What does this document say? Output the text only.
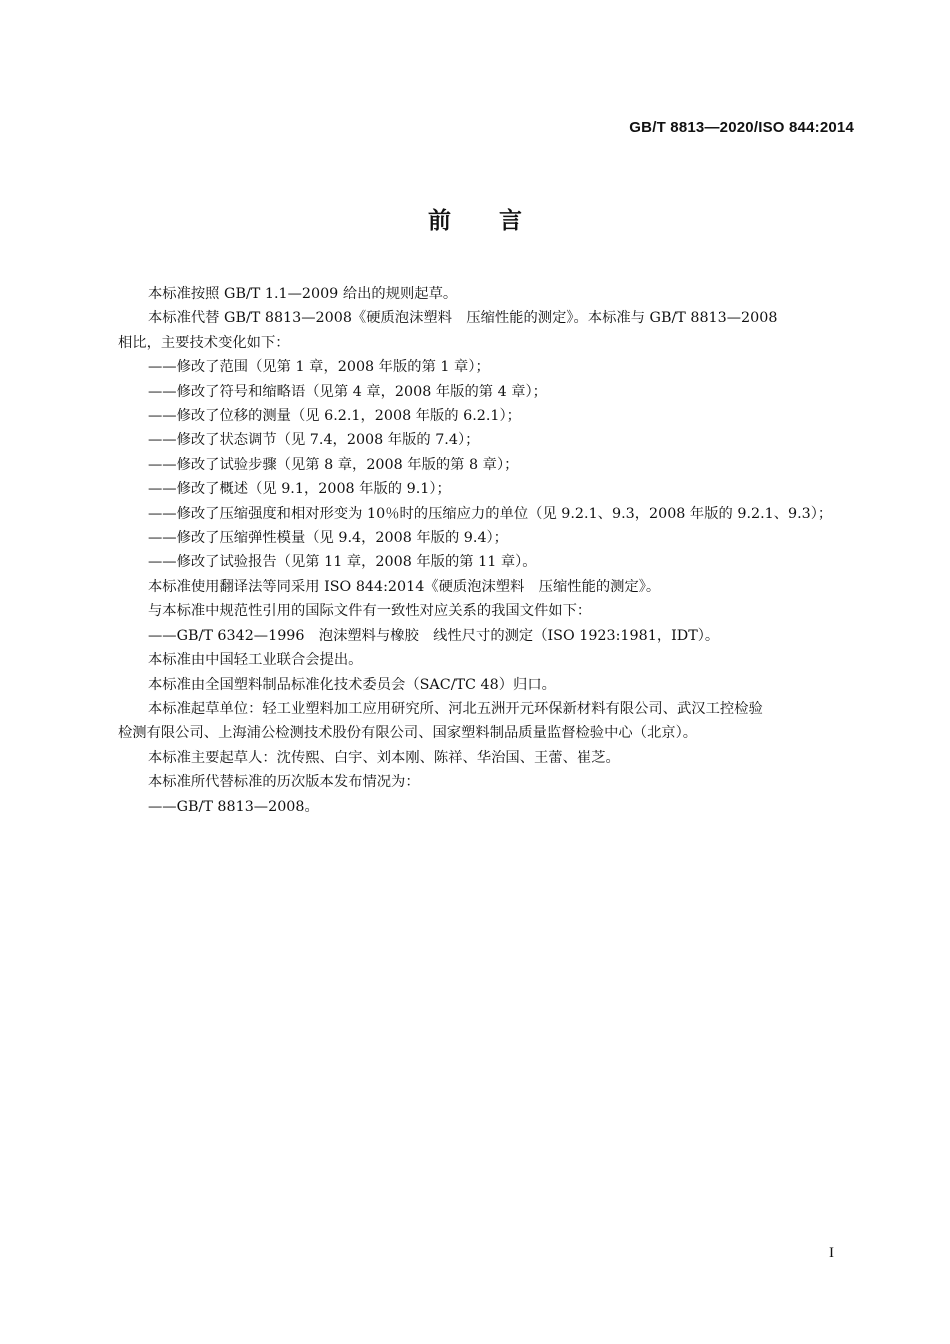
GB/T 8813—2020/ISO 844:2014
前言
本标准按照 GB/T 1.1—2009 给出的规则起草。
本标准代替 GB/T 8813—2008《硬质泡沫塑料　压缩性能的测定》。本标准与 GB/T 8813—2008
相比，主要技术变化如下：
——修改了范围（见第 1 章，2008 年版的第 1 章）；
——修改了符号和缩略语（见第 4 章，2008 年版的第 4 章）；
——修改了位移的测量（见 6.2.1，2008 年版的 6.2.1）；
——修改了状态调节（见 7.4，2008 年版的 7.4）；
——修改了试验步骤（见第 8 章，2008 年版的第 8 章）；
——修改了概述（见 9.1，2008 年版的 9.1）；
——修改了压缩强度和相对形变为 10％时的压缩应力的单位（见 9.2.1、9.3，2008 年版的 9.2.1、9.3）；
——修改了压缩弹性模量（见 9.4，2008 年版的 9.4）；
——修改了试验报告（见第 11 章，2008 年版的第 11 章）。
本标准使用翻译法等同采用 ISO 844:2014《硬质泡沫塑料　压缩性能的测定》。
与本标准中规范性引用的国际文件有一致性对应关系的我国文件如下：
——GB/T 6342—1996　泡沫塑料与橡胶　线性尺寸的测定（ISO 1923:1981，IDT）。
本标准由中国轻工业联合会提出。
本标准由全国塑料制品标准化技术委员会（SAC/TC 48）归口。
本标准起草单位：轻工业塑料加工应用研究所、河北五洲开元环保新材料有限公司、武汉工控检验
检测有限公司、上海浦公检测技术股份有限公司、国家塑料制品质量监督检验中心（北京）。
本标准主要起草人：沈传熙、白宇、刘本刚、陈祥、华治国、王蕾、崔芝。
本标准所代替标准的历次版本发布情况为：
——GB/T 8813—2008。
I
